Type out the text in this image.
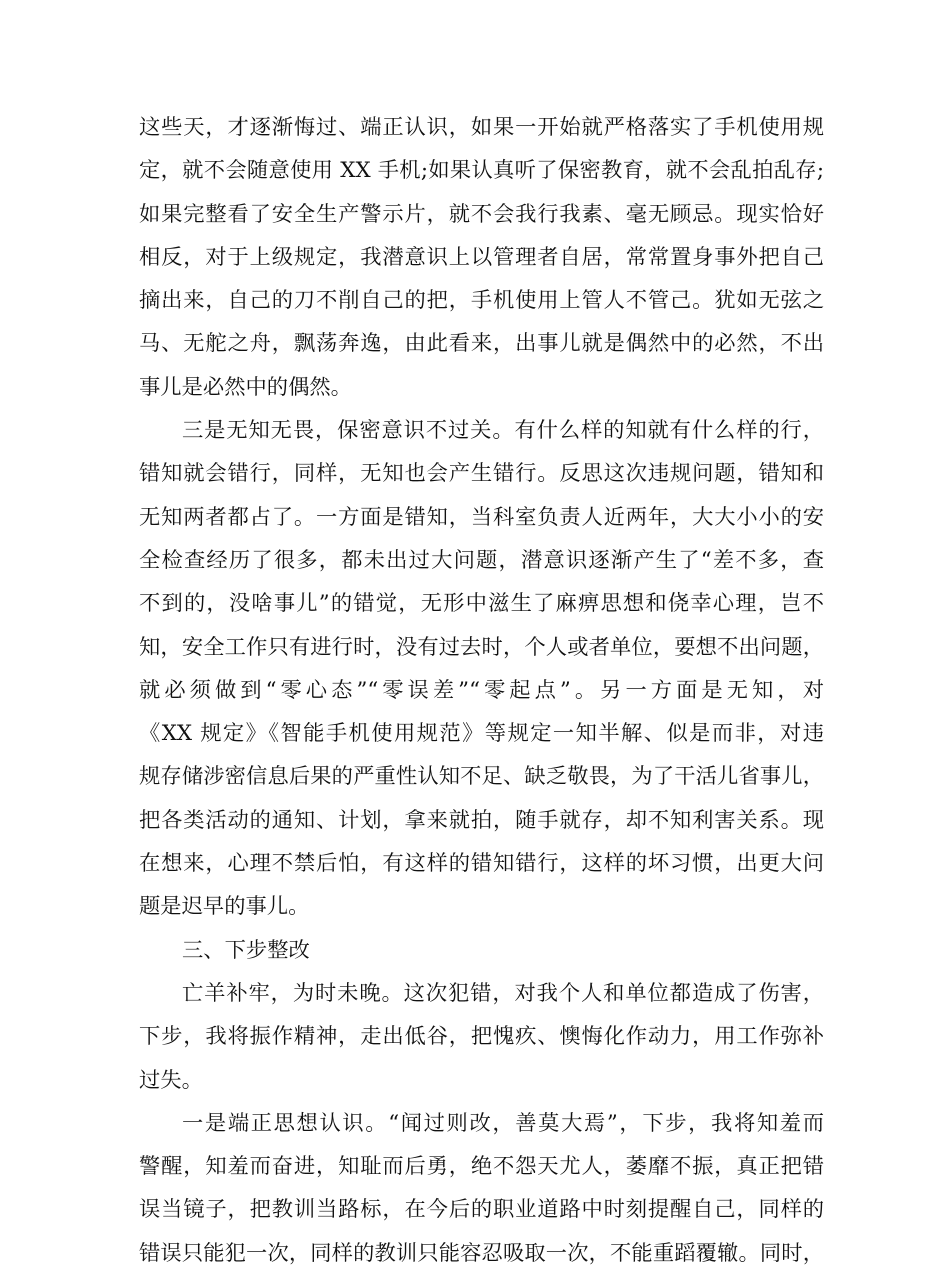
这些天，才逐渐悔过、端正认识，如果一开始就严格落实了手机使用规
定，就不会随意使用 XX 手机;如果认真听了保密教育，就不会乱拍乱存;
如果完整看了安全生产警示片，就不会我行我素、毫无顾忌。现实恰好
相反，对于上级规定，我潜意识上以管理者自居，常常置身事外把自己
摘出来，自己的刀不削自己的把，手机使用上管人不管己。犹如无弦之
马、无舵之舟，飘荡奔逸，由此看来，出事儿就是偶然中的必然，不出
事儿是必然中的偶然。
三是无知无畏，保密意识不过关。有什么样的知就有什么样的行，
错知就会错行，同样，无知也会产生错行。反思这次违规问题，错知和
无知两者都占了。一方面是错知，当科室负责人近两年，大大小小的安
全检查经历了很多，都未出过大问题，潜意识逐渐产生了“差不多，查
不到的，没啥事儿”的错觉，无形中滋生了麻痹思想和侥幸心理，岂不
知，安全工作只有进行时，没有过去时，个人或者单位，要想不出问题，
就必须做到“零心态”“零误差”“零起点”。另一方面是无知，对
《XX 规定》《智能手机使用规范》等规定一知半解、似是而非，对违
规存储涉密信息后果的严重性认知不足、缺乏敬畏，为了干活儿省事儿，
把各类活动的通知、计划，拿来就拍，随手就存，却不知利害关系。现
在想来，心理不禁后怕，有这样的错知错行，这样的坏习惯，出更大问
题是迟早的事儿。
三、下步整改
亡羊补牢，为时未晚。这次犯错，对我个人和单位都造成了伤害，
下步，我将振作精神，走出低谷，把愧疚、懊悔化作动力，用工作弥补
过失。
一是端正思想认识。“闻过则改，善莫大焉”，下步，我将知羞而
警醒，知羞而奋进，知耻而后勇，绝不怨天尤人，萎靡不振，真正把错
误当镜子，把教训当路标，在今后的职业道路中时刻提醒自己，同样的
错误只能犯一次，同样的教训只能容忍吸取一次，不能重蹈覆辙。同时，
